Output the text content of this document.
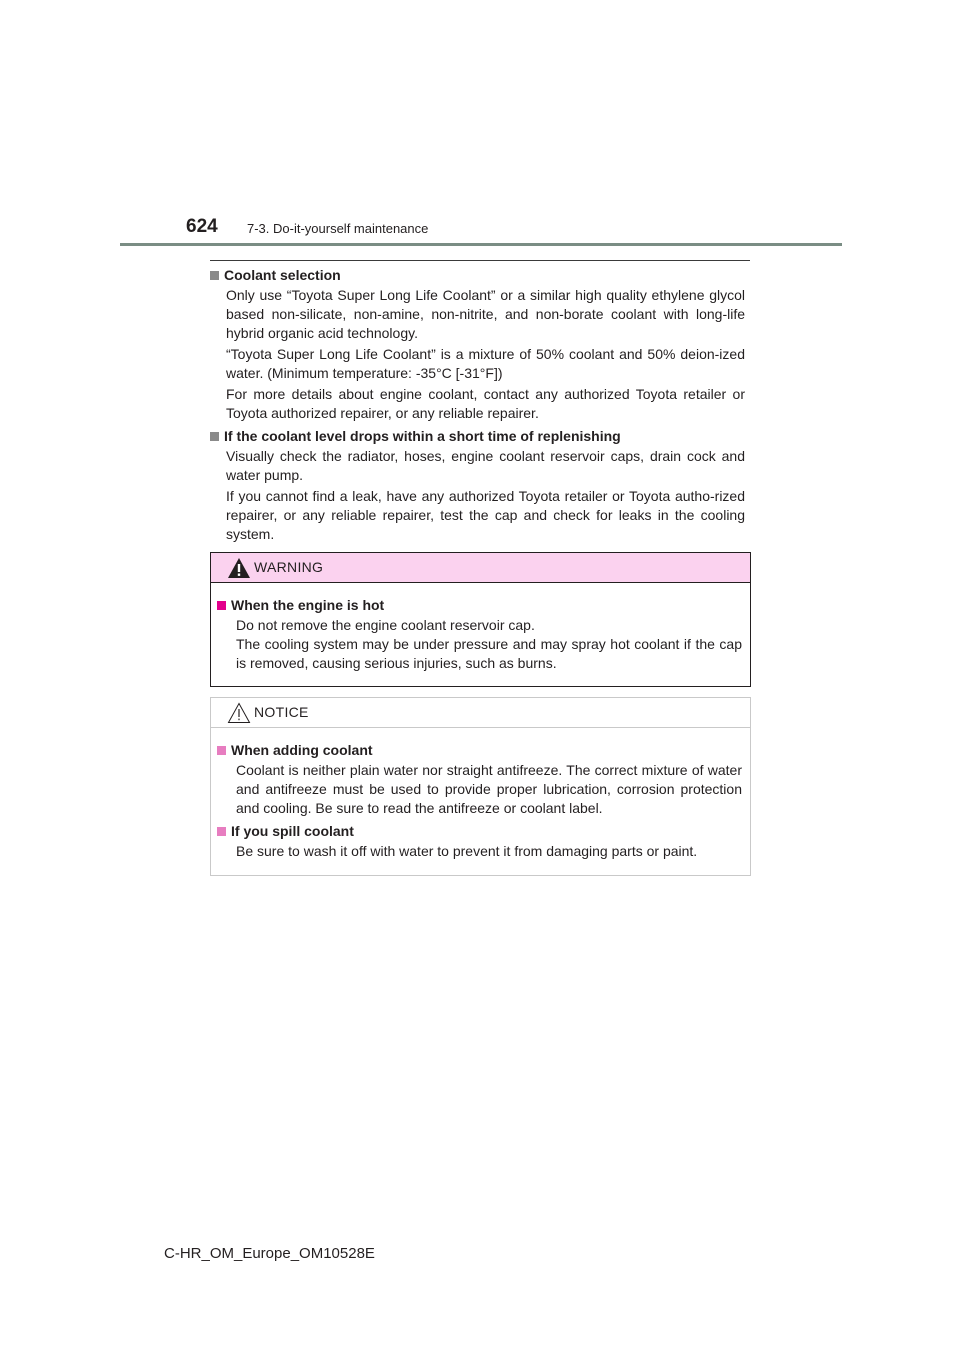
624 7-3. Do-it-yourself maintenance
Coolant selection

Only use “Toyota Super Long Life Coolant” or a similar high quality ethylene glycol based non-silicate, non-amine, non-nitrite, and non-borate coolant with long-life hybrid organic acid technology.

“Toyota Super Long Life Coolant” is a mixture of 50% coolant and 50% deion-ized water. (Minimum temperature: -35°C [-31°F])

For more details about engine coolant, contact any authorized Toyota retailer or Toyota authorized repairer, or any reliable repairer.

If the coolant level drops within a short time of replenishing

Visually check the radiator, hoses, engine coolant reservoir caps, drain cock and water pump.

If you cannot find a leak, have any authorized Toyota retailer or Toyota autho-rized repairer, or any reliable repairer, test the cap and check for leaks in the cooling system.

WARNING
When the engine is hot

Do not remove the engine coolant reservoir cap.

The cooling system may be under pressure and may spray hot coolant if the cap is removed, causing serious injuries, such as burns.

NOTICE
When adding coolant

Coolant is neither plain water nor straight antifreeze. The correct mixture of water and antifreeze must be used to provide proper lubrication, corrosion protection and cooling. Be sure to read the antifreeze or coolant label.

If you spill coolant

Be sure to wash it off with water to prevent it from damaging parts or paint.

C-HR_OM_Europe_OM10528E
